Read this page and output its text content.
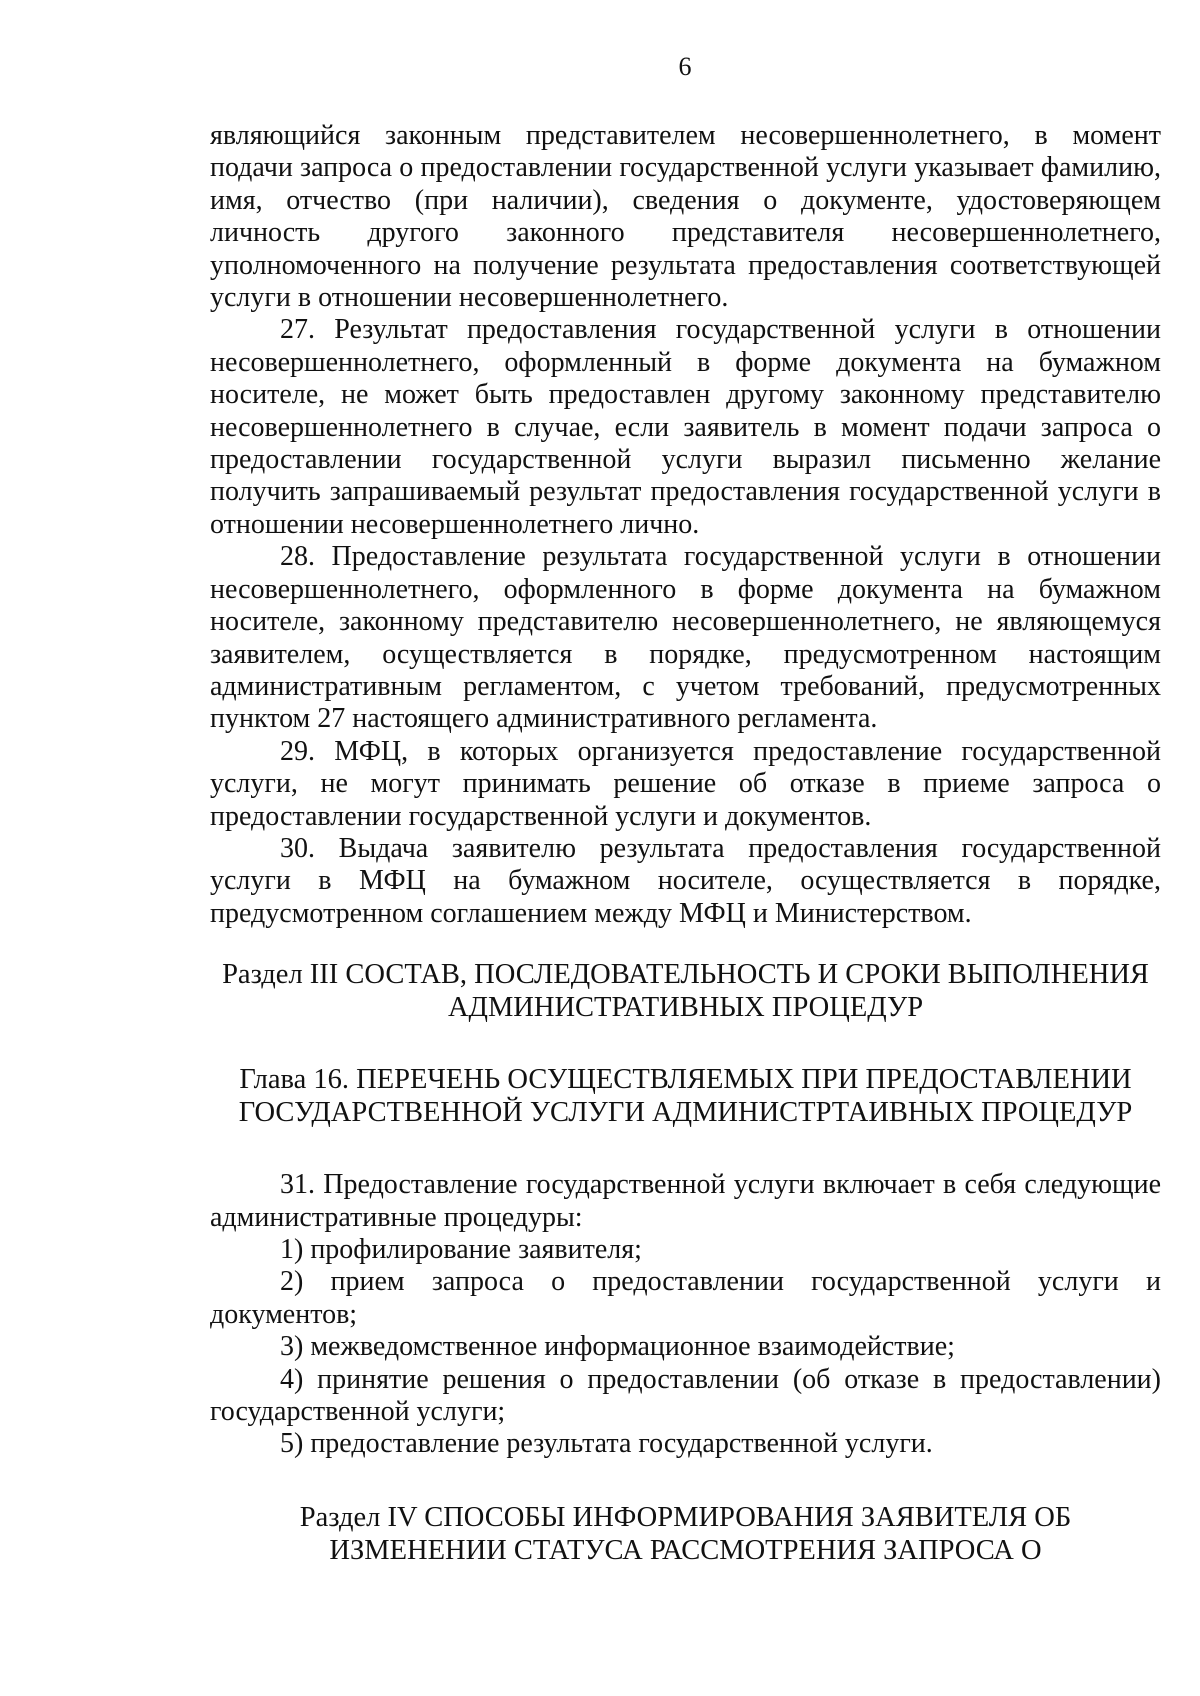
6

являющийся законным представителем несовершеннолетнего, в момент подачи запроса о предоставлении государственной услуги указывает фамилию, имя, отчество (при наличии), сведения о документе, удостоверяющем личность другого законного представителя несовершеннолетнего, уполномоченного на получение результата предоставления соответствующей услуги в отношении несовершеннолетнего.

27. Результат предоставления государственной услуги в отношении несовершеннолетнего, оформленный в форме документа на бумажном носителе, не может быть предоставлен другому законному представителю несовершеннолетнего в случае, если заявитель в момент подачи запроса о предоставлении государственной услуги выразил письменно желание получить запрашиваемый результат предоставления государственной услуги в отношении несовершеннолетнего лично.

28. Предоставление результата государственной услуги в отношении несовершеннолетнего, оформленного в форме документа на бумажном носителе, законному представителю несовершеннолетнего, не являющемуся заявителем, осуществляется в порядке, предусмотренном настоящим административным регламентом, с учетом требований, предусмотренных пунктом 27 настоящего административного регламента.

29. МФЦ, в которых организуется предоставление государственной услуги, не могут принимать решение об отказе в приеме запроса о предоставлении государственной услуги и документов.

30. Выдача заявителю результата предоставления государственной услуги в МФЦ на бумажном носителе, осуществляется в порядке, предусмотренном соглашением между МФЦ и Министерством.

Раздел III СОСТАВ, ПОСЛЕДОВАТЕЛЬНОСТЬ И СРОКИ ВЫПОЛНЕНИЯ
АДМИНИСТРАТИВНЫХ ПРОЦЕДУР
Глава 16. ПЕРЕЧЕНЬ ОСУЩЕСТВЛЯЕМЫХ ПРИ ПРЕДОСТАВЛЕНИИ
ГОСУДАРСТВЕННОЙ УСЛУГИ АДМИНИСТРТАИВНЫХ ПРОЦЕДУР

31. Предоставление государственной услуги включает в себя следующие административные процедуры:

1) профилирование заявителя;

2) прием запроса о предоставлении государственной услуги и документов;

3) межведомственное информационное взаимодействие;

4) принятие решения о предоставлении (об отказе в предоставлении) государственной услуги;

5) предоставление результата государственной услуги.

Раздел IV СПОСОБЫ ИНФОРМИРОВАНИЯ ЗАЯВИТЕЛЯ ОБ
ИЗМЕНЕНИИ СТАТУСА РАССМОТРЕНИЯ ЗАПРОСА О
